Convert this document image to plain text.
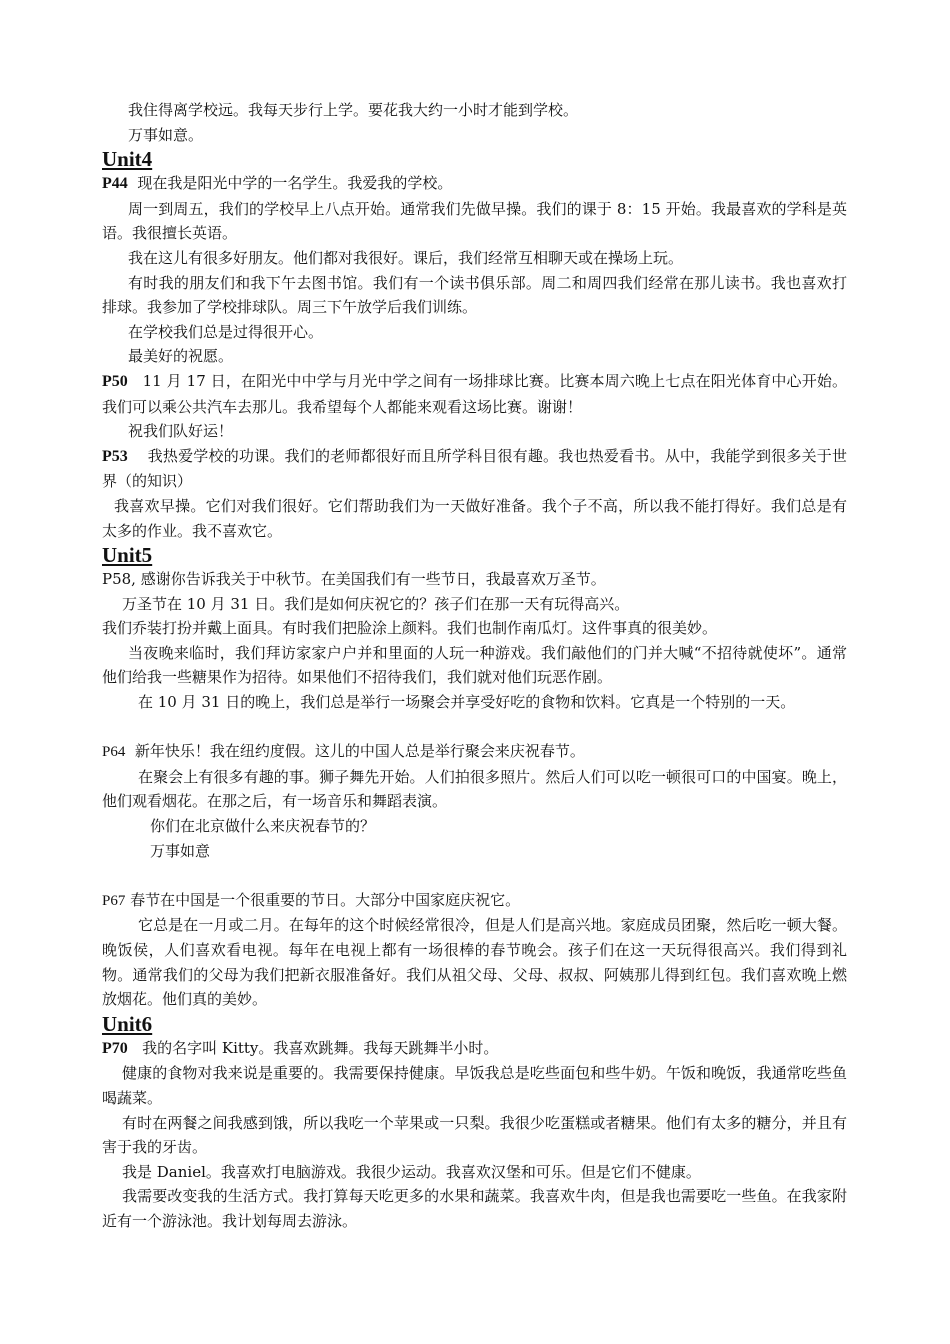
我住得离学校远。我每天步行上学。要花我大约一小时才能到学校。

万事如意。

Unit4

P44 现在我是阳光中学的一名学生。我爱我的学校。

周一到周五，我们的学校早上八点开始。通常我们先做早操。我们的课于 8：15 开始。我最喜欢的学科是英语。我很擅长英语。

我在这儿有很多好朋友。他们都对我很好。课后，我们经常互相聊天或在操场上玩。

有时我的朋友们和我下午去图书馆。我们有一个读书俱乐部。周二和周四我们经常在那儿读书。我也喜欢打排球。我参加了学校排球队。周三下午放学后我们训练。

在学校我们总是过得很开心。

最美好的祝愿。

P50 11 月 17 日，在阳光中中学与月光中学之间有一场排球比赛。比赛本周六晚上七点在阳光体育中心开始。我们可以乘公共汽车去那儿。我希望每个人都能来观看这场比赛。谢谢！

祝我们队好运！

P53 我热爱学校的功课。我们的老师都很好而且所学科目很有趣。我也热爱看书。从中，我能学到很多关于世界（的知识）

我喜欢早操。它们对我们很好。它们帮助我们为一天做好准备。我个子不高，所以我不能打得好。我们总是有太多的作业。我不喜欢它。

Unit5

P58, 感谢你告诉我关于中秋节。在美国我们有一些节日，我最喜欢万圣节。

万圣节在 10 月 31 日。我们是如何庆祝它的？孩子们在那一天有玩得高兴。

我们乔装打扮并戴上面具。有时我们把脸涂上颜料。我们也制作南瓜灯。这件事真的很美妙。

当夜晚来临时，我们拜访家家户户并和里面的人玩一种游戏。我们敲他们的门并大喊“不招待就使坏”。通常他们给我一些糖果作为招待。如果他们不招待我们，我们就对他们玩恶作剧。

在 10 月 31 日的晚上，我们总是举行一场聚会并享受好吃的食物和饮料。它真是一个特别的一天。

P64 新年快乐！我在纽约度假。这儿的中国人总是举行聚会来庆祝春节。

在聚会上有很多有趣的事。狮子舞先开始。人们拍很多照片。然后人们可以吃一顿很可口的中国宴。晚上，他们观看烟花。在那之后，有一场音乐和舞蹈表演。

你们在北京做什么来庆祝春节的？

万事如意

P67 春节在中国是一个很重要的节日。大部分中国家庭庆祝它。

它总是在一月或二月。在每年的这个时候经常很冷，但是人们是高兴地。家庭成员团聚，然后吃一顿大餐。晚饭侯，人们喜欢看电视。每年在电视上都有一场很棒的春节晚会。孩子们在这一天玩得很高兴。我们得到礼物。通常我们的父母为我们把新衣服准备好。我们从祖父母、父母、叔叔、阿姨那儿得到红包。我们喜欢晚上燃放烟花。他们真的美妙。

Unit6

P70 我的名字叫 Kitty。我喜欢跳舞。我每天跳舞半小时。

健康的食物对我来说是重要的。我需要保持健康。早饭我总是吃些面包和些牛奶。午饭和晚饭，我通常吃些鱼喝蔬菜。

有时在两餐之间我感到饿，所以我吃一个苹果或一只梨。我很少吃蛋糕或者糖果。他们有太多的糖分，并且有害于我的牙齿。

我是 Daniel。我喜欢打电脑游戏。我很少运动。我喜欢汉堡和可乐。但是它们不健康。

我需要改变我的生活方式。我打算每天吃更多的水果和蔬菜。我喜欢牛肉，但是我也需要吃一些鱼。在我家附近有一个游泳池。我计划每周去游泳。
